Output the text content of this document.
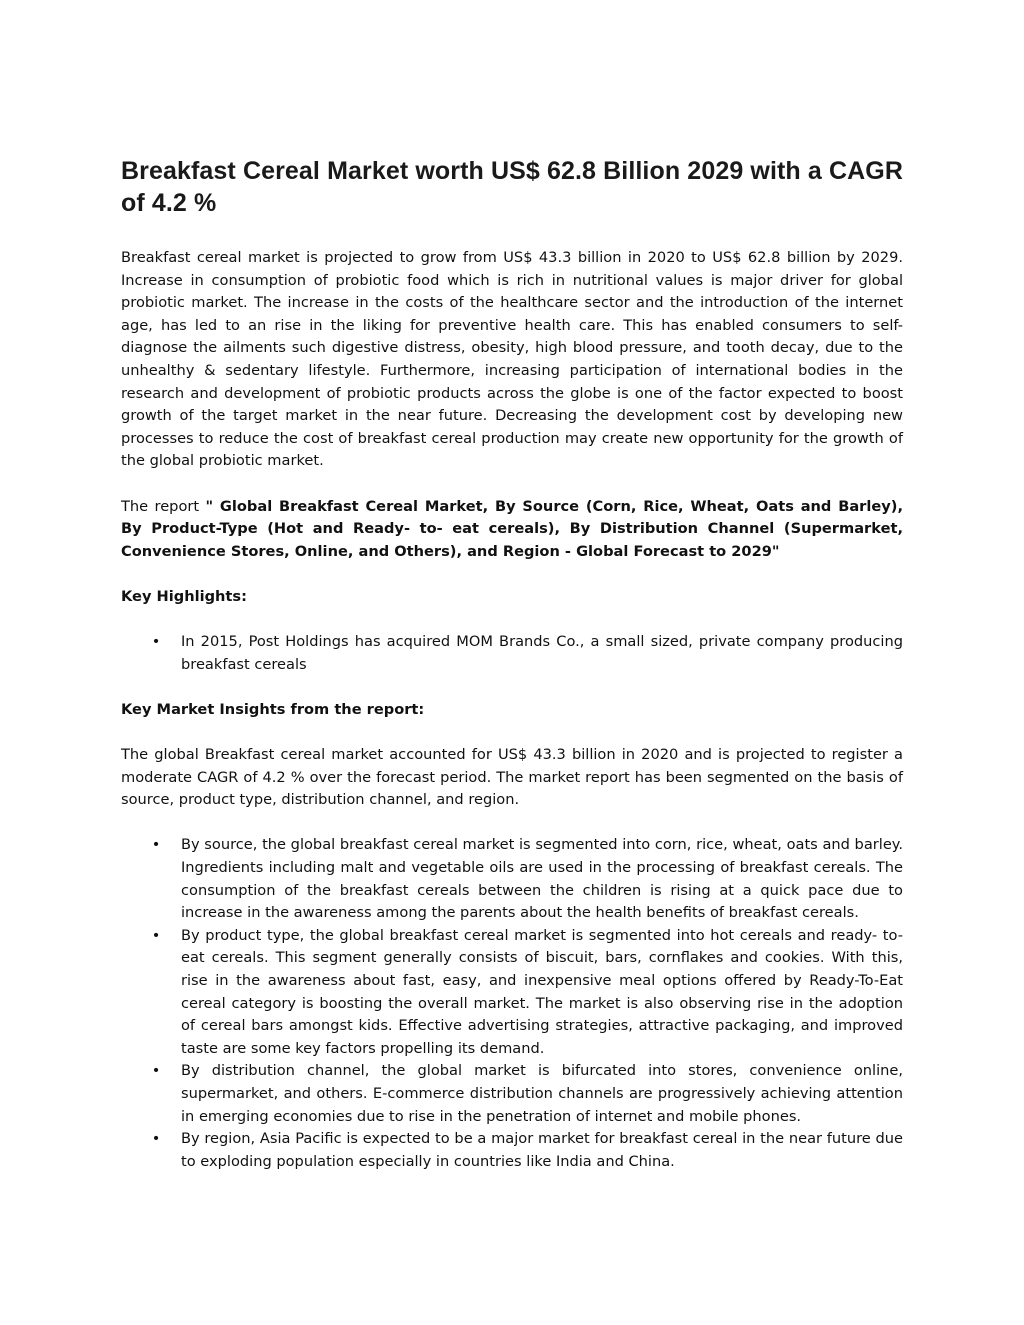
Breakfast Cereal Market worth US$ 62.8 Billion 2029 with a CAGR of 4.2 %

Breakfast cereal market is projected to grow from US$ 43.3 billion in 2020 to US$ 62.8 billion by 2029. Increase in consumption of probiotic food which is rich in nutritional values is major driver for global probiotic market. The increase in the costs of the healthcare sector and the introduction of the internet age, has led to an rise in the liking for preventive health care. This has enabled consumers to self-diagnose the ailments such digestive distress, obesity, high blood pressure, and tooth decay, due to the unhealthy & sedentary lifestyle. Furthermore, increasing participation of international bodies in the research and development of probiotic products across the globe is one of the factor expected to boost growth of the target market in the near future. Decreasing the development cost by developing new processes to reduce the cost of breakfast cereal production may create new opportunity for the growth of the global probiotic market.

The report " Global Breakfast Cereal Market, By Source (Corn, Rice, Wheat, Oats and Barley), By Product-Type (Hot and Ready- to- eat cereals), By Distribution Channel (Supermarket, Convenience Stores, Online, and Others), and Region - Global Forecast to 2029"

Key Highlights:

• In 2015, Post Holdings has acquired MOM Brands Co., a small sized, private company producing breakfast cereals

Key Market Insights from the report:

The global Breakfast cereal market accounted for US$ 43.3 billion in 2020 and is projected to register a moderate CAGR of 4.2 % over the forecast period. The market report has been segmented on the basis of source, product type, distribution channel, and region.

• By source, the global breakfast cereal market is segmented into corn, rice, wheat, oats and barley. Ingredients including malt and vegetable oils are used in the processing of breakfast cereals. The consumption of the breakfast cereals between the children is rising at a quick pace due to increase in the awareness among the parents about the health benefits of breakfast cereals.
• By product type, the global breakfast cereal market is segmented into hot cereals and ready- to-eat cereals. This segment generally consists of biscuit, bars, cornflakes and cookies. With this, rise in the awareness about fast, easy, and inexpensive meal options offered by Ready-To-Eat cereal category is boosting the overall market. The market is also observing rise in the adoption of cereal bars amongst kids. Effective advertising strategies, attractive packaging, and improved taste are some key factors propelling its demand.
• By distribution channel, the global market is bifurcated into stores, convenience online, supermarket, and others. E-commerce distribution channels are progressively achieving attention in emerging economies due to rise in the penetration of internet and mobile phones.
• By region, Asia Pacific is expected to be a major market for breakfast cereal in the near future due to exploding population especially in countries like India and China.
